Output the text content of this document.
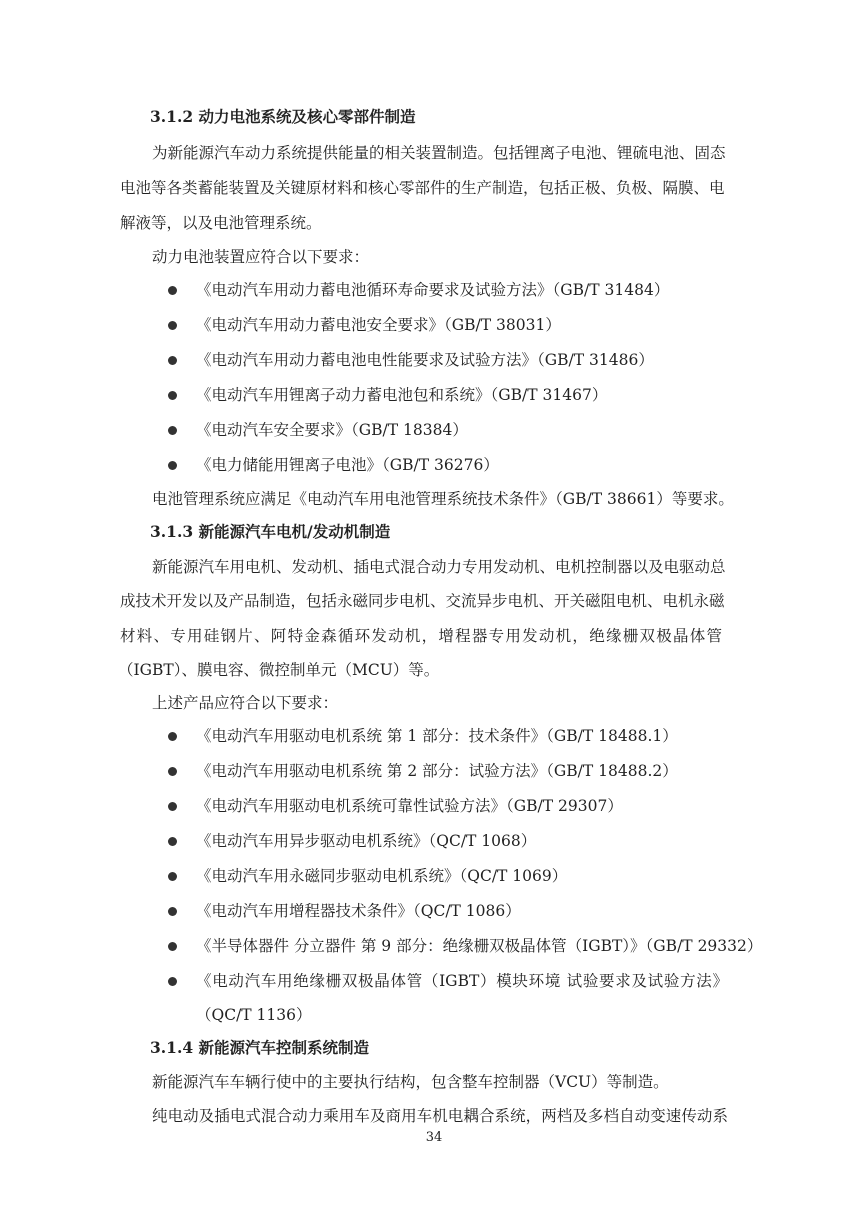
3.1.2 动力电池系统及核心零部件制造
为新能源汽车动力系统提供能量的相关装置制造。包括锂离子电池、锂硫电池、固态
电池等各类蓄能装置及关键原材料和核心零部件的生产制造，包括正极、负极、隔膜、电
解液等，以及电池管理系统。
动力电池装置应符合以下要求：
《电动汽车用动力蓄电池循环寿命要求及试验方法》（GB/T 31484）
《电动汽车用动力蓄电池安全要求》（GB/T 38031）
《电动汽车用动力蓄电池电性能要求及试验方法》（GB/T 31486）
《电动汽车用锂离子动力蓄电池包和系统》（GB/T 31467）
《电动汽车安全要求》（GB/T 18384）
《电力储能用锂离子电池》（GB/T 36276）
电池管理系统应满足《电动汽车用电池管理系统技术条件》（GB/T 38661）等要求。
3.1.3 新能源汽车电机/发动机制造
新能源汽车用电机、发动机、插电式混合动力专用发动机、电机控制器以及电驱动总
成技术开发以及产品制造，包括永磁同步电机、交流异步电机、开关磁阻电机、电机永磁
材料、专用硅钢片、阿特金森循环发动机，增程器专用发动机，绝缘栅双极晶体管
（IGBT）、膜电容、微控制单元（MCU）等。
上述产品应符合以下要求：
《电动汽车用驱动电机系统 第 1 部分：技术条件》（GB/T 18488.1）
《电动汽车用驱动电机系统 第 2 部分：试验方法》（GB/T 18488.2）
《电动汽车用驱动电机系统可靠性试验方法》（GB/T 29307）
《电动汽车用异步驱动电机系统》（QC/T 1068）
《电动汽车用永磁同步驱动电机系统》（QC/T 1069）
《电动汽车用增程器技术条件》（QC/T 1086）
《半导体器件 分立器件 第 9 部分：绝缘栅双极晶体管（IGBT）》（GB/T 29332）
《电动汽车用绝缘栅双极晶体管（IGBT）模块环境 试验要求及试验方法》
（QC/T 1136）
3.1.4 新能源汽车控制系统制造
新能源汽车车辆行使中的主要执行结构，包含整车控制器（VCU）等制造。
纯电动及插电式混合动力乘用车及商用车机电耦合系统，两档及多档自动变速传动系
34
